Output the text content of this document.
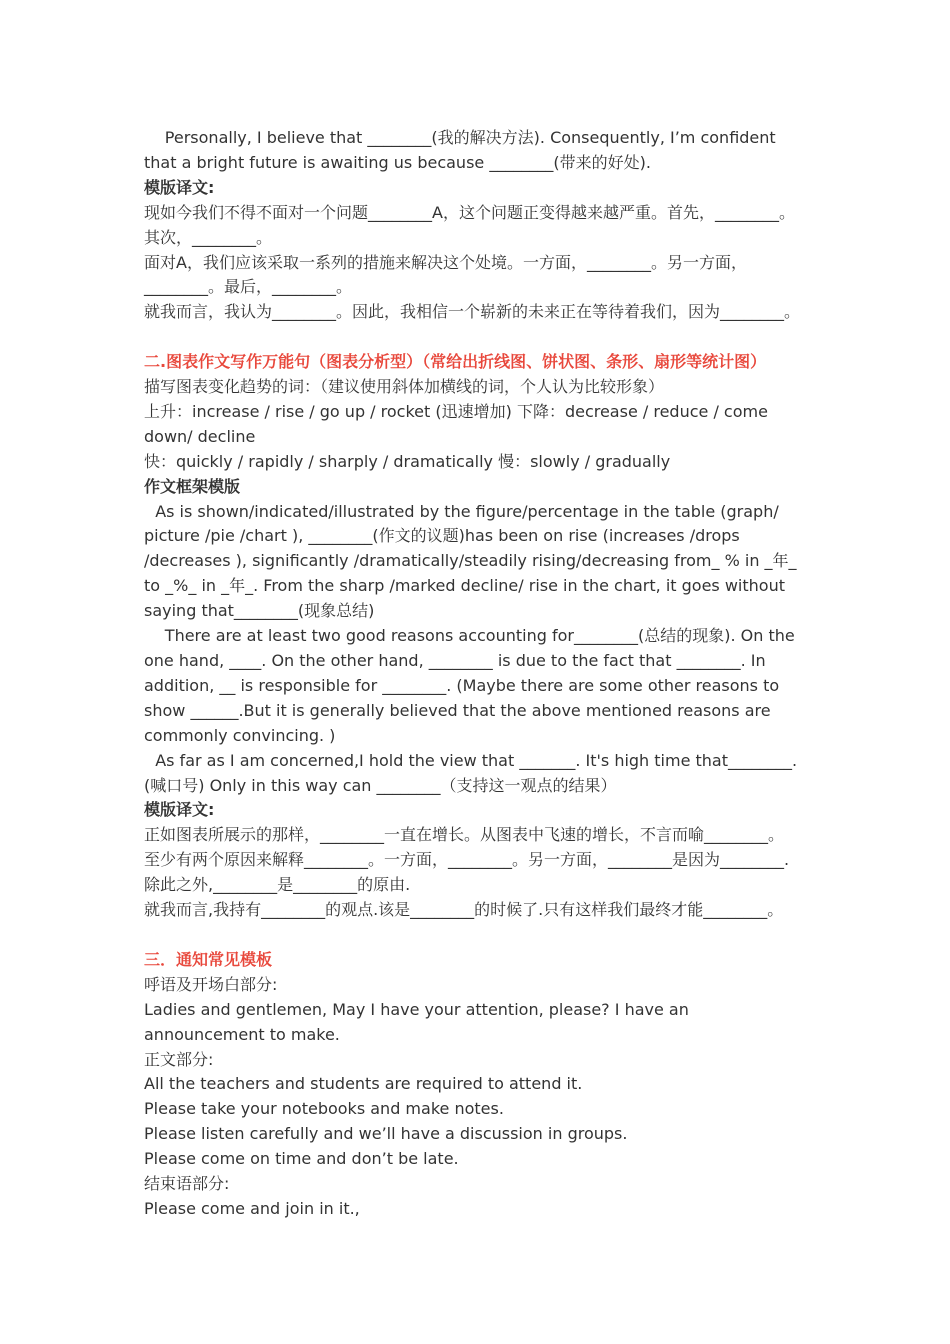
Personally, I believe that ________(我的解决方法). Consequently, I’m confident that a bright future is awaiting us because ________(带来的好处).

模版译文:

现如今我们不得不面对一个问题________A，这个问题正变得越来越严重。首先，________。其次，________。

面对A，我们应该采取一系列的措施来解决这个处境。一方面，________。另一方面，________。最后，________。

就我而言，我认为________。因此，我相信一个崭新的未来正在等待着我们，因为________。

二.图表作文写作万能句（图表分析型）（常给出折线图、饼状图、条形、扇形等统计图）

描写图表变化趋势的词：（建议使用斜体加横线的词，个人认为比较形象）

上升：increase / rise / go up / rocket (迅速增加) 下降：decrease / reduce / come down/ decline

快：quickly / rapidly / sharply / dramatically 慢：slowly / gradually

作文框架模版

As is shown/indicated/illustrated by the figure/percentage in the table (graph/ picture /pie /chart ), ________(作文的议题)has been on rise (increases /drops /decreases ), significantly /dramatically/steadily rising/decreasing from_ % in _年_ to _%_ in _年_. From the sharp /marked decline/ rise in the chart, it goes without saying that________(现象总结)

There are at least two good reasons accounting for________(总结的现象). On the one hand, ____. On the other hand, ________ is due to the fact that ________. In addition, __ is responsible for ________. (Maybe there are some other reasons to show ______.But it is generally believed that the above mentioned reasons are commonly convincing. )

As far as I am concerned,I hold the view that _______. It's high time that________. (喊口号) Only in this way can ________（支持这一观点的结果）

模版译文:

正如图表所展示的那样，________一直在增长。从图表中飞速的增长，不言而喻________。

至少有两个原因来解释________。一方面，________。另一方面，________是因为________.

除此之外,________是________的原由.

就我而言,我持有________的观点.该是________的时候了.只有这样我们最终才能________。

三．通知常见模板

呼语及开场白部分:

Ladies and gentlemen, May I have your attention, please? I have an announcement to make.

正文部分:

All the teachers and students are required to attend it.

Please take your notebooks and make notes.

Please listen carefully and we’ll have a discussion in groups.

Please come on time and don’t be late.

结束语部分:

Please come and join in it.,
